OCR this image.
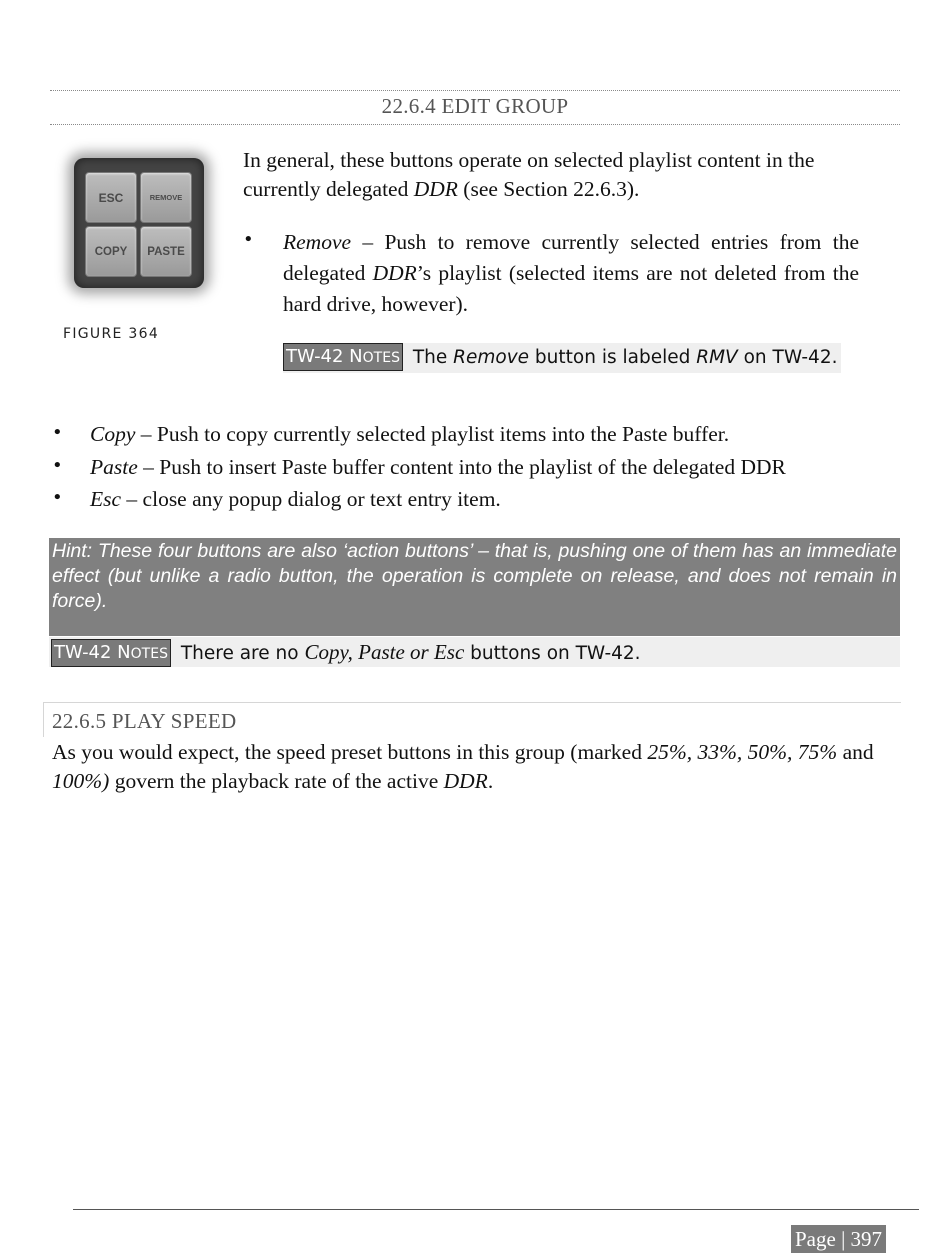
22.6.4 EDIT GROUP
ESC	REMOVE
COPY	PASTE
FIGURE 364
In general, these buttons operate on selected playlist content in the currently delegated DDR (see Section 22.6.3).
• Remove – Push to remove currently selected entries from the delegated DDR’s playlist (selected items are not deleted from the hard drive, however).
TW-42 NOTES The Remove button is labeled RMV on TW-42.
• Copy – Push to copy currently selected playlist items into the Paste buffer.
• Paste – Push to insert Paste buffer content into the playlist of the delegated DDR
• Esc – close any popup dialog or text entry item.
Hint: These four buttons are also ‘action buttons’ – that is, pushing one of them has an immediate effect (but unlike a radio button, the operation is complete on release, and does not remain in force).
TW-42 NOTES There are no Copy, Paste or Esc buttons on TW-42.
22.6.5 PLAY SPEED
As you would expect, the speed preset buttons in this group (marked 25%, 33%, 50%, 75% and 100%) govern the playback rate of the active DDR.
Page | 397
